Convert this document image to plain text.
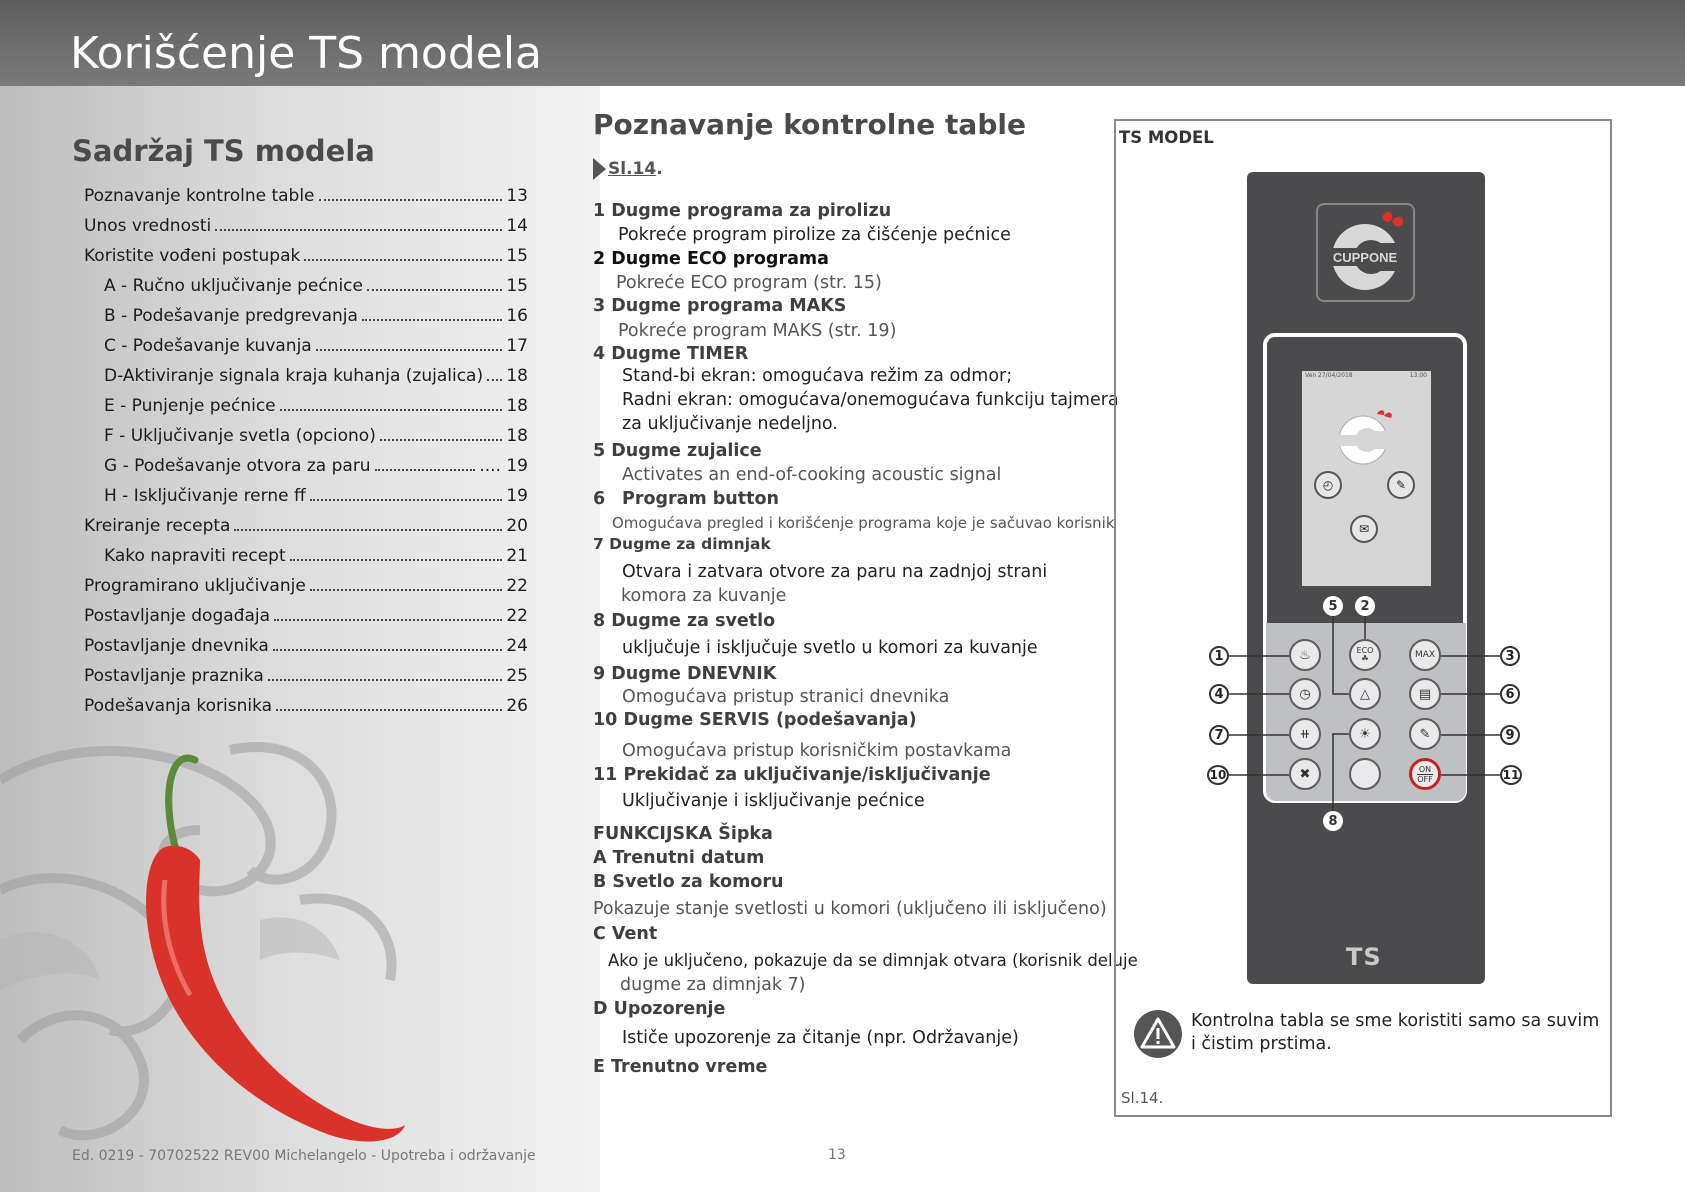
Korišćenje TS modela
Sadržaj TS modela
Poznavanje kontrolne table	13
Unos vrednosti	14
Koristite vođeni postupak	15
A - Ručno uključivanje pećnice	15
B - Podešavanje predgrevanja	16
C - Podešavanje kuvanja	17
D-Aktiviranje signala kraja kuhanja (zujalica) 18
E - Punjenje pećnice	18
F - Uključivanje svetla (opciono)	18
G - Podešavanje otvora za paru	.... 19
H - Isključivanje rerne ff	19
Kreiranje recepta	20
Kako napraviti recept	21
Programirano uključivanje	22
Postavljanje događaja	22
Postavljanje dnevnika	24
Postavljanje praznika	25
Podešavanja korisnika	26
Ed. 0219 - 70702522 REV00 Michelangelo - Upotreba i održavanje	13
Poznavanje kontrolne table
Sl.14.
1 Dugme programa za pirolizu
Pokreće program pirolize za čišćenje pećnice
2 Dugme ECO programa
Pokreće ECO program (str. 15)
3 Dugme programa MAKS
Pokreće program MAKS (str. 19)
4 Dugme TIMER
Stand-bi ekran: omogućava režim za odmor;
Radni ekran: omogućava/onemogućava funkciju tajmera
za uključivanje nedeljno.
5 Dugme zujalice
Activates an end-of-cooking acoustic signal
6 Program button
Omogućava pregled i korišćenje programa koje je sačuvao korisnik
7 Dugme za dimnjak
Otvara i zatvara otvore za paru na zadnjoj strani
komora za kuvanje
8 Dugme za svetlo
uključuje i isključuje svetlo u komori za kuvanje
9 Dugme DNEVNIK
Omogućava pristup stranici dnevnika
10 Dugme SERVIS (podešavanja)
Omogućava pristup korisničkim postavkama
11 Prekidač za uključivanje/isključivanje
Uključivanje i isključivanje pećnice
FUNKCIJSKA Šipka
A Trenutni datum
B Svetlo za komoru
Pokazuje stanje svetlosti u komori (uključeno ili isključeno)
C Vent
Ako je uključeno, pokazuje da se dimnjak otvara (korisnik deluje
dugme za dimnjak 7)
D Upozorenje
Ističe upozorenje za čitanje (npr. Održavanje)
E Trenutno vreme
TS MODEL
CUPPONE
Ven 27/04/2018	13:00
◴	✎
✉
♨	ECO
☘	MAX
◷	△	▤
⧺	☀	✎
✖	ON
OFF
1
2
3
4
5
6
7
8
9
10	11
TS
Kontrolna tabla se sme koristiti samo sa suvim i čistim prstima.
Sl.14.
